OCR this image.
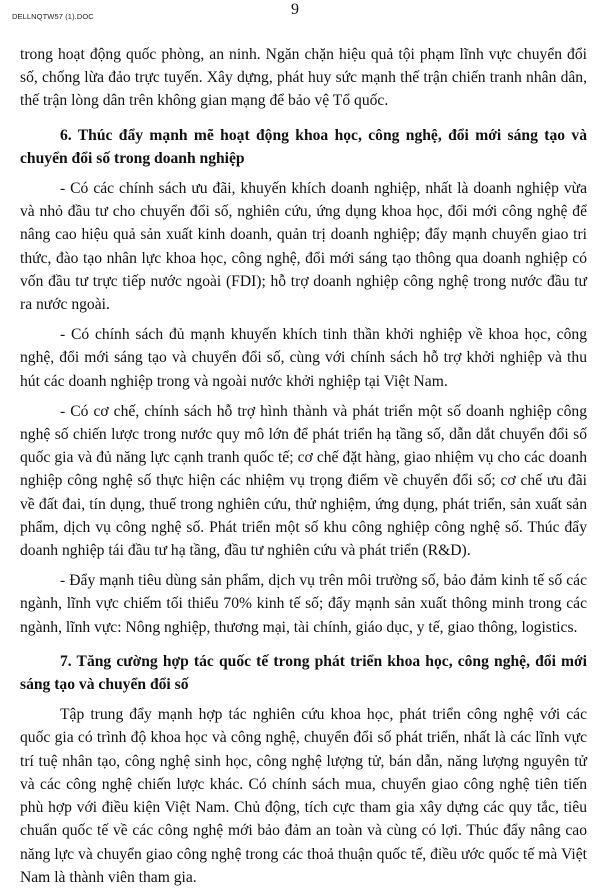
DELLNQTW57 (1).DOC	9

trong hoạt động quốc phòng, an ninh. Ngăn chặn hiệu quả tội phạm lĩnh vực chuyển đổi số, chống lừa đảo trực tuyến. Xây dựng, phát huy sức mạnh thế trận chiến tranh nhân dân, thế trận lòng dân trên không gian mạng để bảo vệ Tổ quốc.

6. Thúc đẩy mạnh mẽ hoạt động khoa học, công nghệ, đổi mới sáng tạo và chuyển đổi số trong doanh nghiệp

- Có các chính sách ưu đãi, khuyến khích doanh nghiệp, nhất là doanh nghiệp vừa và nhỏ đầu tư cho chuyển đổi số, nghiên cứu, ứng dụng khoa học, đổi mới công nghệ để nâng cao hiệu quả sản xuất kinh doanh, quản trị doanh nghiệp; đẩy mạnh chuyển giao tri thức, đào tạo nhân lực khoa học, công nghệ, đổi mới sáng tạo thông qua doanh nghiệp có vốn đầu tư trực tiếp nước ngoài (FDI); hỗ trợ doanh nghiệp công nghệ trong nước đầu tư ra nước ngoài.

- Có chính sách đủ mạnh khuyến khích tinh thần khởi nghiệp về khoa học, công nghệ, đổi mới sáng tạo và chuyển đổi số, cùng với chính sách hỗ trợ khởi nghiệp và thu hút các doanh nghiệp trong và ngoài nước khởi nghiệp tại Việt Nam.

- Có cơ chế, chính sách hỗ trợ hình thành và phát triển một số doanh nghiệp công nghệ số chiến lược trong nước quy mô lớn để phát triển hạ tầng số, dẫn dắt chuyển đổi số quốc gia và đủ năng lực cạnh tranh quốc tế; cơ chế đặt hàng, giao nhiệm vụ cho các doanh nghiệp công nghệ số thực hiện các nhiệm vụ trọng điểm về chuyển đổi số; cơ chế ưu đãi về đất đai, tín dụng, thuế trong nghiên cứu, thử nghiệm, ứng dụng, phát triển, sản xuất sản phẩm, dịch vụ công nghệ số. Phát triển một số khu công nghiệp công nghệ số. Thúc đẩy doanh nghiệp tái đầu tư hạ tầng, đầu tư nghiên cứu và phát triển (R&D).

- Đẩy mạnh tiêu dùng sản phẩm, dịch vụ trên môi trường số, bảo đảm kinh tế số các ngành, lĩnh vực chiếm tối thiểu 70% kinh tế số; đẩy mạnh sản xuất thông minh trong các ngành, lĩnh vực: Nông nghiệp, thương mại, tài chính, giáo dục, y tế, giao thông, logistics.

7. Tăng cường hợp tác quốc tế trong phát triển khoa học, công nghệ, đổi mới sáng tạo và chuyển đổi số

Tập trung đẩy mạnh hợp tác nghiên cứu khoa học, phát triển công nghệ với các quốc gia có trình độ khoa học và công nghệ, chuyển đổi số phát triển, nhất là các lĩnh vực trí tuệ nhân tạo, công nghệ sinh học, công nghệ lượng tử, bán dẫn, năng lượng nguyên tử và các công nghệ chiến lược khác. Có chính sách mua, chuyển giao công nghệ tiên tiến phù hợp với điều kiện Việt Nam. Chủ động, tích cực tham gia xây dựng các quy tắc, tiêu chuẩn quốc tế về các công nghệ mới bảo đảm an toàn và cùng có lợi. Thúc đẩy nâng cao năng lực và chuyển giao công nghệ trong các thoả thuận quốc tế, điều ước quốc tế mà Việt Nam là thành viên tham gia.
